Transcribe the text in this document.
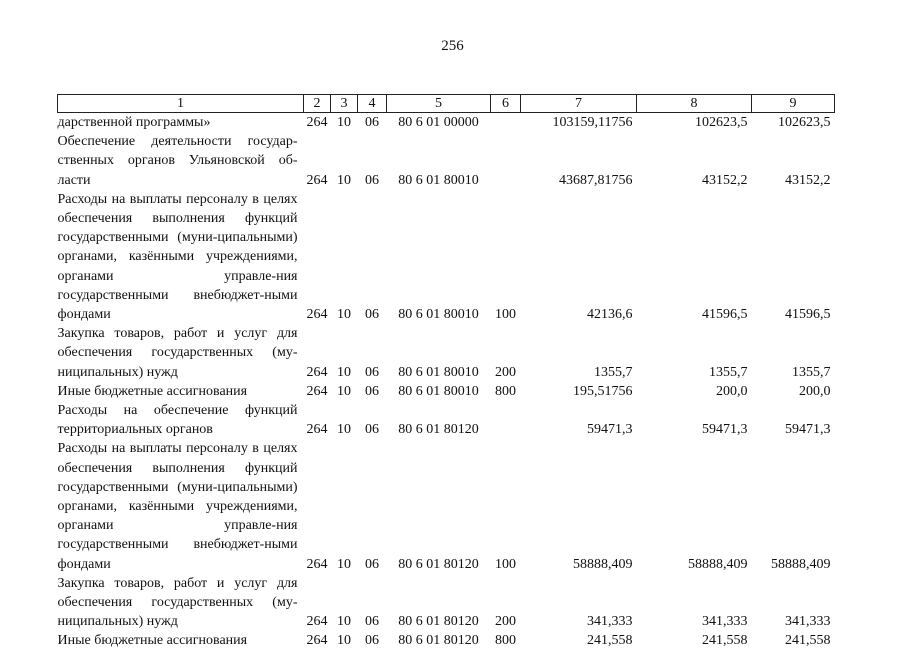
256
1	2	3	4	5	6	7	8	9
дарственной программы»	264	10	06	80 6 01 00000		103159,11756	102623,5	102623,5
Обеспечение деятельности государ-ственных органов Ульяновской об-ласти	264	10	06	80 6 01 80010		43687,81756	43152,2	43152,2
Расходы на выплаты персоналу в целях обеспечения выполнения функций государственными (муни-ципальными) органами, казёнными учреждениями, органами управле-ния государственными внебюджет-ными фондами	264	10	06	80 6 01 80010	100	42136,6	41596,5	41596,5
Закупка товаров, работ и услуг для обеспечения государственных (му-ниципальных) нужд	264	10	06	80 6 01 80010	200	1355,7	1355,7	1355,7
Иные бюджетные ассигнования	264	10	06	80 6 01 80010	800	195,51756	200,0	200,0
Расходы на обеспечение функций территориальных органов	264	10	06	80 6 01 80120		59471,3	59471,3	59471,3
Расходы на выплаты персоналу в целях обеспечения выполнения функций государственными (муни-ципальными) органами, казёнными учреждениями, органами управле-ния государственными внебюджет-ными фондами	264	10	06	80 6 01 80120	100	58888,409	58888,409	58888,409
Закупка товаров, работ и услуг для обеспечения государственных (му-ниципальных) нужд	264	10	06	80 6 01 80120	200	341,333	341,333	341,333
Иные бюджетные ассигнования	264	10	06	80 6 01 80120	800	241,558	241,558	241,558
